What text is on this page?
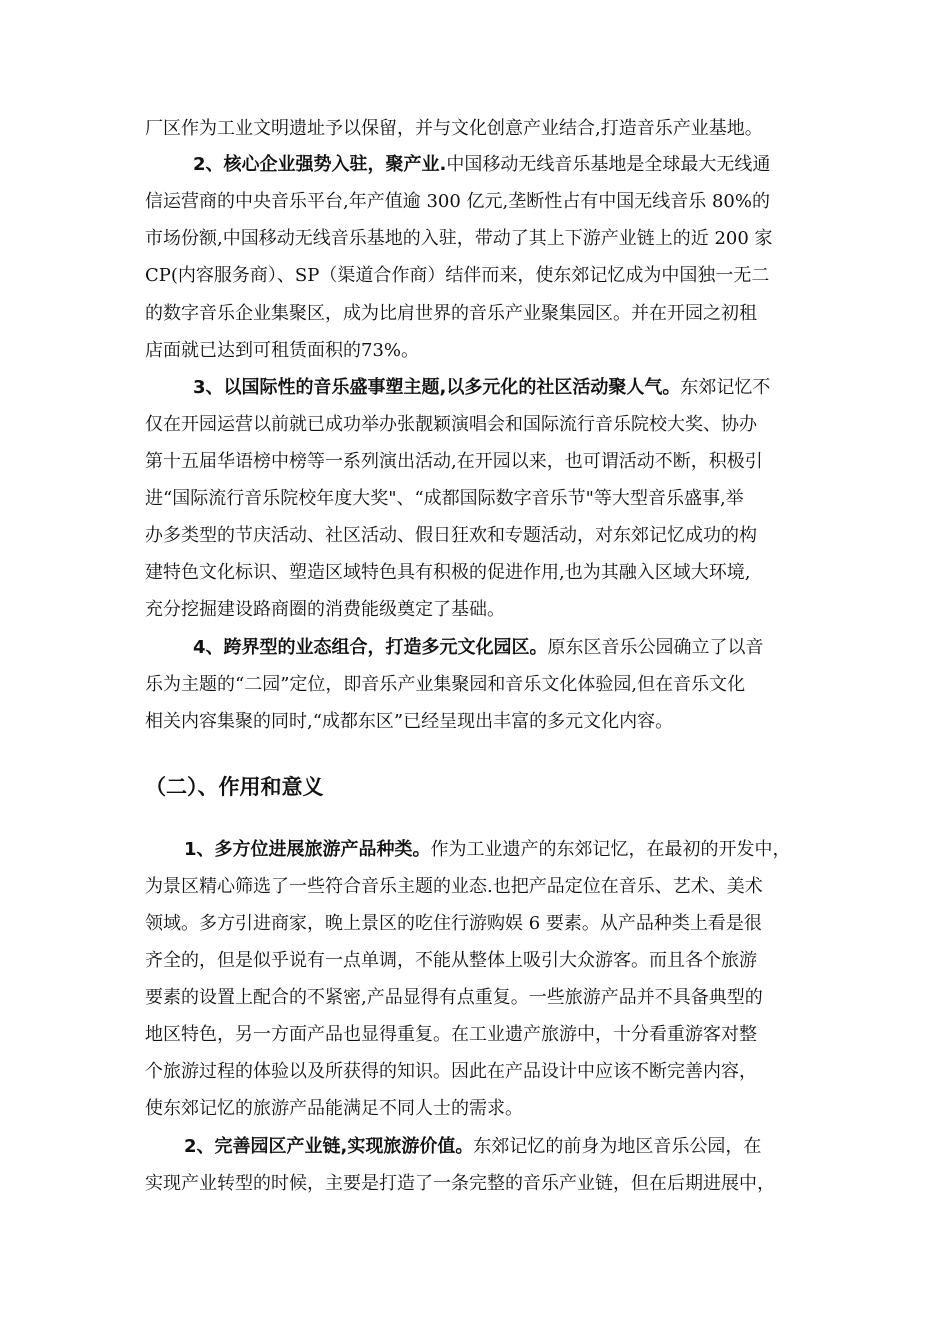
厂区作为工业文明遗址予以保留，并与文化创意产业结合,打造音乐产业基地。
2、核心企业强势入驻，聚产业.中国移动无线音乐基地是全球最大无线通
信运营商的中央音乐平台,年产值逾 300 亿元,垄断性占有中国无线音乐 80%的
市场份额,中国移动无线音乐基地的入驻，带动了其上下游产业链上的近 200 家
CP(内容服务商）、SP（渠道合作商）结伴而来，使东郊记忆成为中国独一无二
的数字音乐企业集聚区，成为比肩世界的音乐产业聚集园区。并在开园之初租
店面就已达到可租赁面积的73%。
3、以国际性的音乐盛事塑主题,以多元化的社区活动聚人气。东郊记忆不
仅在开园运营以前就已成功举办张靓颖演唱会和国际流行音乐院校大奖、协办
第十五届华语榜中榜等一系列演出活动,在开园以来，也可谓活动不断，积极引
进“国际流行音乐院校年度大奖"、“成都国际数字音乐节"等大型音乐盛事,举
办多类型的节庆活动、社区活动、假日狂欢和专题活动，对东郊记忆成功的构
建特色文化标识、塑造区域特色具有积极的促进作用,也为其融入区域大环境,
充分挖掘建设路商圈的消费能级奠定了基础。
4、跨界型的业态组合，打造多元文化园区。原东区音乐公园确立了以音
乐为主题的“二园”定位，即音乐产业集聚园和音乐文化体验园,但在音乐文化
相关内容集聚的同时,“成都东区”已经呈现出丰富的多元文化内容。
（二）、作用和意义
1、多方位进展旅游产品种类。作为工业遗产的东郊记忆，在最初的开发中，
为景区精心筛选了一些符合音乐主题的业态.也把产品定位在音乐、艺术、美术
领域。多方引进商家，晚上景区的吃住行游购娱 6 要素。从产品种类上看是很
齐全的，但是似乎说有一点单调，不能从整体上吸引大众游客。而且各个旅游
要素的设置上配合的不紧密,产品显得有点重复。一些旅游产品并不具备典型的
地区特色，另一方面产品也显得重复。在工业遗产旅游中，十分看重游客对整
个旅游过程的体验以及所获得的知识。因此在产品设计中应该不断完善内容，
使东郊记忆的旅游产品能满足不同人士的需求。
2、完善园区产业链,实现旅游价值。东郊记忆的前身为地区音乐公园，在
实现产业转型的时候，主要是打造了一条完整的音乐产业链，但在后期进展中，
